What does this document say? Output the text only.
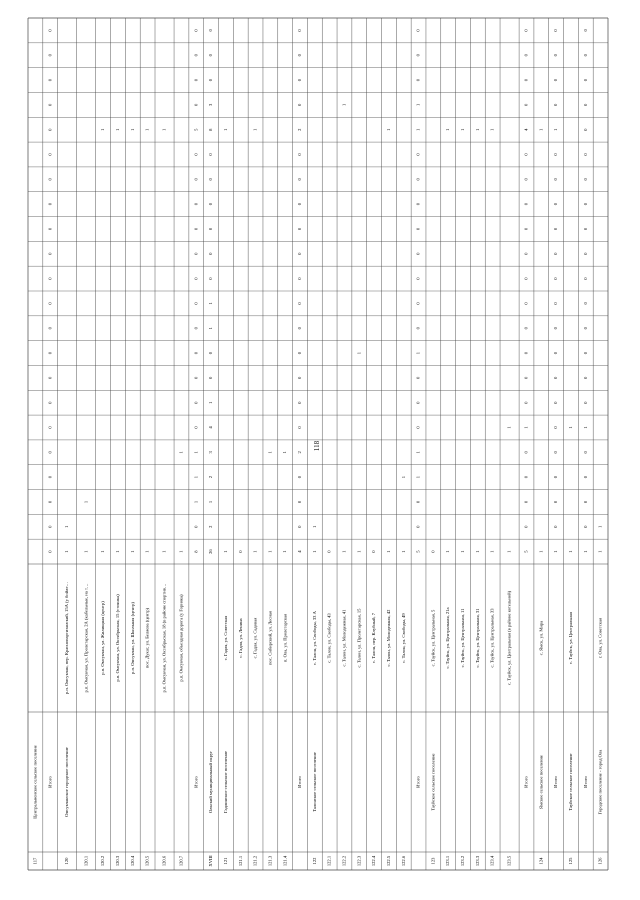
118
117
Центральненское сельское поселение Итого
0
0
0
0
0
0
0
0
0
0
0
0
0
0
0
0
0
0
0
0
0
0
120
Омсукчанское городское поселение
р.п. Омсукчан, пер. Краснопартизанский, 15А (у бойле…
1
1
120.1
р.п. Омсукчан, ул. Пролетарская, 2А (кабельные, на т…
1
1
120.2
р.п. Омсукчан, ул. Жилищная (центр)
1
1
120.3
р.п. Омсукчан, ул. Октябрьская, 15 (стоянка)
1
1
120.4
р.п. Омсукчан, ул. Школьная (центр)
1
1
120.5
пос. Дукат, ул. Беляева (центр)
1
1
120.6
р.п. Омсукчан, ул. Октябрьская, 18 (в районе спортив…
1
1
120.7
р.п. Омсукчан, объездная дорога (у Горнякa)
1
1
Итого
8
0
1
1
1
0
0
0
0
0
0
0
0
0
0
0
0
5
0
0
0
0
XVIII
Ольский муниципальный округ
26
2
1
2
3
4
1
0
0
1
1
0
0
0
0
0
0
8
3
0
0
0
121
Гадлинское сельское поселение
с. Гадля, ул. Советская
1
1
121.1
с. Гадля, ул. Ленина
0
121.2
с. Гадля, ул. Садовая
1
1
121.3
пос. Сибирский, ул. Лесная
1
1
121.4
п. Ола, ул. Пролетарская
1
1
Итого
4
0
0
0
2
0
0
0
0
0
0
0
0
0
0
0
0
2
0
0
0
0
122
Талонское сельское поселение
с. Талон, ул. Свободы, 33 А
1
1
122.1
с. Талон, ул. Свободы, 43
0
122.2
с. Талон, ул. Молодежная, 41
1
1
122.3
с. Талон, ул. Пролетарская, 15
1
1
122.4
с. Талон, пер. Клубный, 7
0
122.5
с. Талон, ул. Молодежная, 42
1
1
122.6
с. Талон, ул. Свободы, 49
1
1
Итого
5
0
0
1
1
0
0
0
1
0
0
0
0
0
0
0
0
1
1
0
0
0
123
Тауйское сельское поселение
с. Тауйск, ул. Центральная, 5
0
123.1
с. Тауйск, ул. Центральная, 21а
1
1
123.2
с. Тауйск, ул. Центральная, 11
1
1
123.3
с. Тауйск, ул. Центральная, 31
1
1
123.4
с. Тауйск, ул. Центральная, 33
1
1
123.5
с. Тауйск, ул. Центральная (в районе котельной)
1
1
Итого
5
0
0
0
0
1
0
0
0
0
0
0
0
0
0
0
0
4
0
0
0
0
124
Ямское сельское поселение
с. Ямск, ул. Мира
1
1
Итого
1
0
0
0
0
0
0
0
0
0
0
0
0
0
0
0
0
1
0
0
0
0
125
Тауйское сельское поселение
с. Тауйск, ул. Центральная
1
1
Итого
1
0
0
0
0
1
0
0
0
0
0
0
0
0
0
0
0
0
0
0
0
0
126
Городское поселение - город Ола
г. Ола, ул. Советская
1
1
